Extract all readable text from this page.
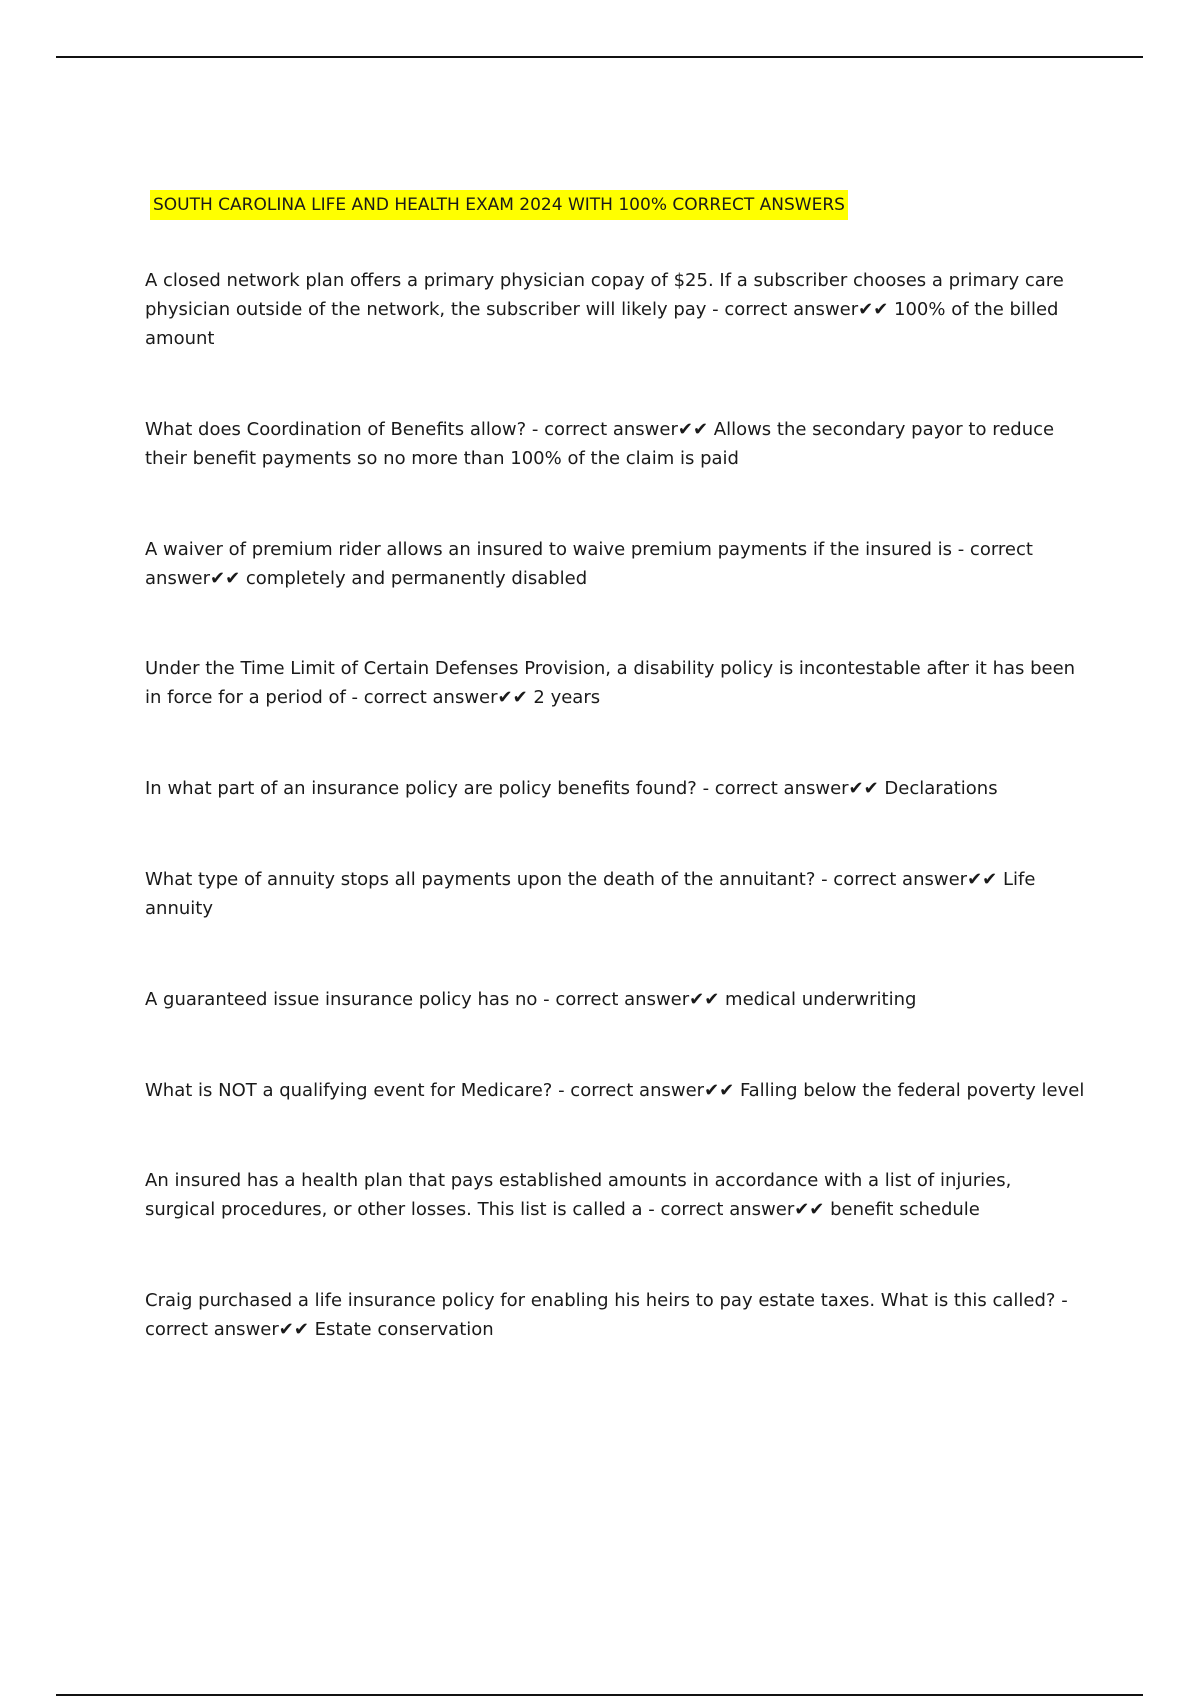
SOUTH CAROLINA LIFE AND HEALTH EXAM 2024 WITH 100% CORRECT ANSWERS

A closed network plan offers a primary physician copay of $25. If a subscriber chooses a primary care physician outside of the network, the subscriber will likely pay - correct answer✔✔ 100% of the billed amount

What does Coordination of Benefits allow? - correct answer✔✔ Allows the secondary payor to reduce their benefit payments so no more than 100% of the claim is paid

A waiver of premium rider allows an insured to waive premium payments if the insured is - correct answer✔✔ completely and permanently disabled

Under the Time Limit of Certain Defenses Provision, a disability policy is incontestable after it has been in force for a period of - correct answer✔✔ 2 years

In what part of an insurance policy are policy benefits found? - correct answer✔✔ Declarations

What type of annuity stops all payments upon the death of the annuitant? - correct answer✔✔ Life annuity

A guaranteed issue insurance policy has no - correct answer✔✔ medical underwriting

What is NOT a qualifying event for Medicare? - correct answer✔✔ Falling below the federal poverty level

An insured has a health plan that pays established amounts in accordance with a list of injuries, surgical procedures, or other losses. This list is called a - correct answer✔✔ benefit schedule

Craig purchased a life insurance policy for enabling his heirs to pay estate taxes. What is this called? - correct answer✔✔ Estate conservation
